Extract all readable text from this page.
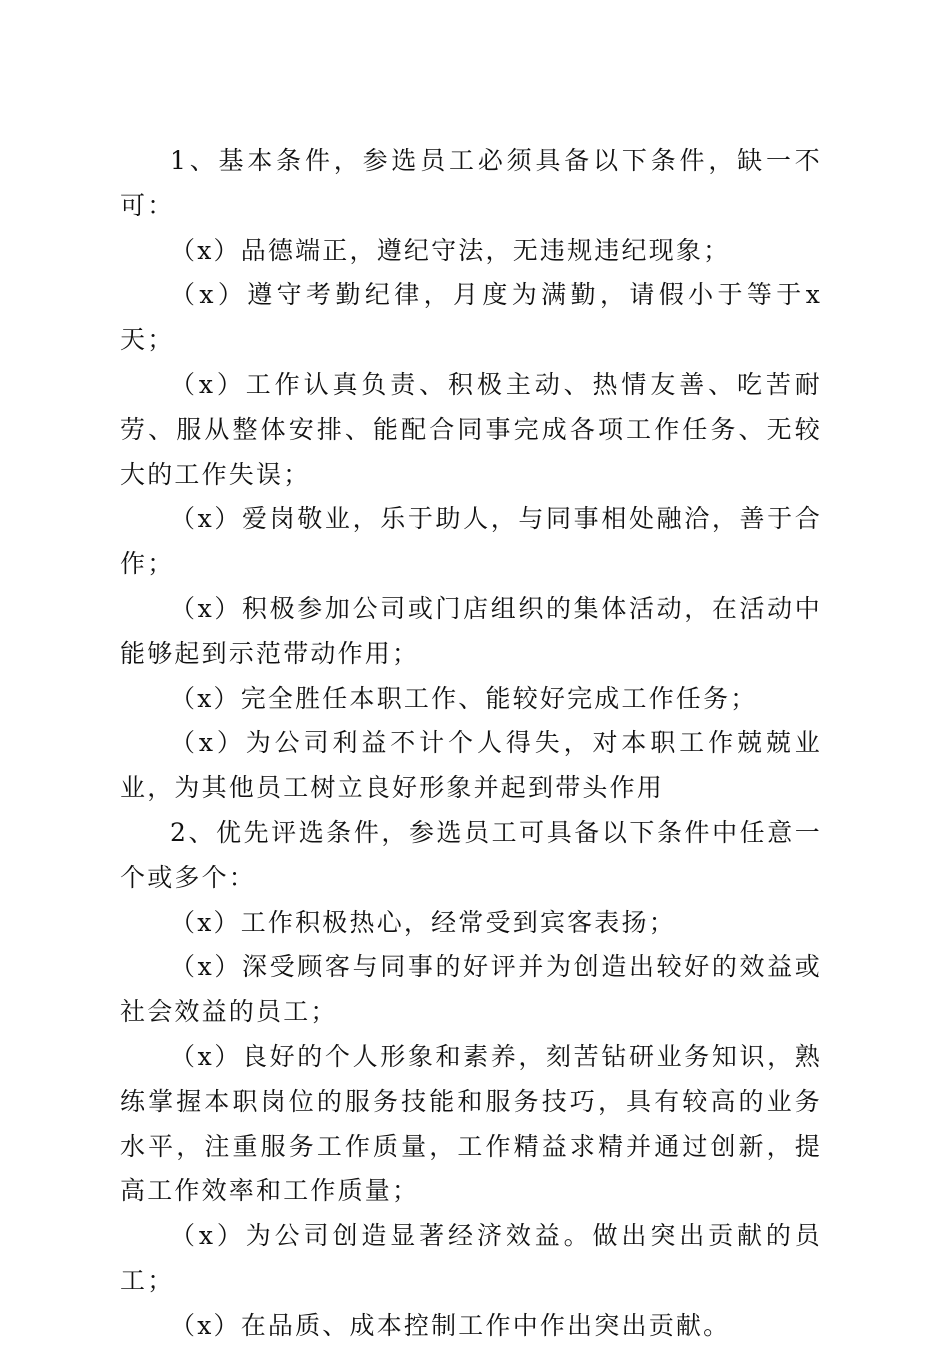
1、基本条件，参选员工必须具备以下条件，缺一不可：

（x）品德端正，遵纪守法，无违规违纪现象；

（x）遵守考勤纪律，月度为满勤，请假小于等于x天；

（x）工作认真负责、积极主动、热情友善、吃苦耐劳、服从整体安排、能配合同事完成各项工作任务、无较大的工作失误；

（x）爱岗敬业，乐于助人，与同事相处融洽，善于合作；

（x）积极参加公司或门店组织的集体活动，在活动中能够起到示范带动作用；

（x）完全胜任本职工作、能较好完成工作任务；

（x）为公司利益不计个人得失，对本职工作兢兢业业，为其他员工树立良好形象并起到带头作用

2、优先评选条件，参选员工可具备以下条件中任意一个或多个：

（x）工作积极热心，经常受到宾客表扬；

（x）深受顾客与同事的好评并为创造出较好的效益或社会效益的员工；

（x）良好的个人形象和素养，刻苦钻研业务知识，熟练掌握本职岗位的服务技能和服务技巧，具有较高的业务水平，注重服务工作质量，工作精益求精并通过创新，提高工作效率和工作质量；

（x）为公司创造显著经济效益。做出突出贡献的员工；

（x）在品质、成本控制工作中作出突出贡献。
